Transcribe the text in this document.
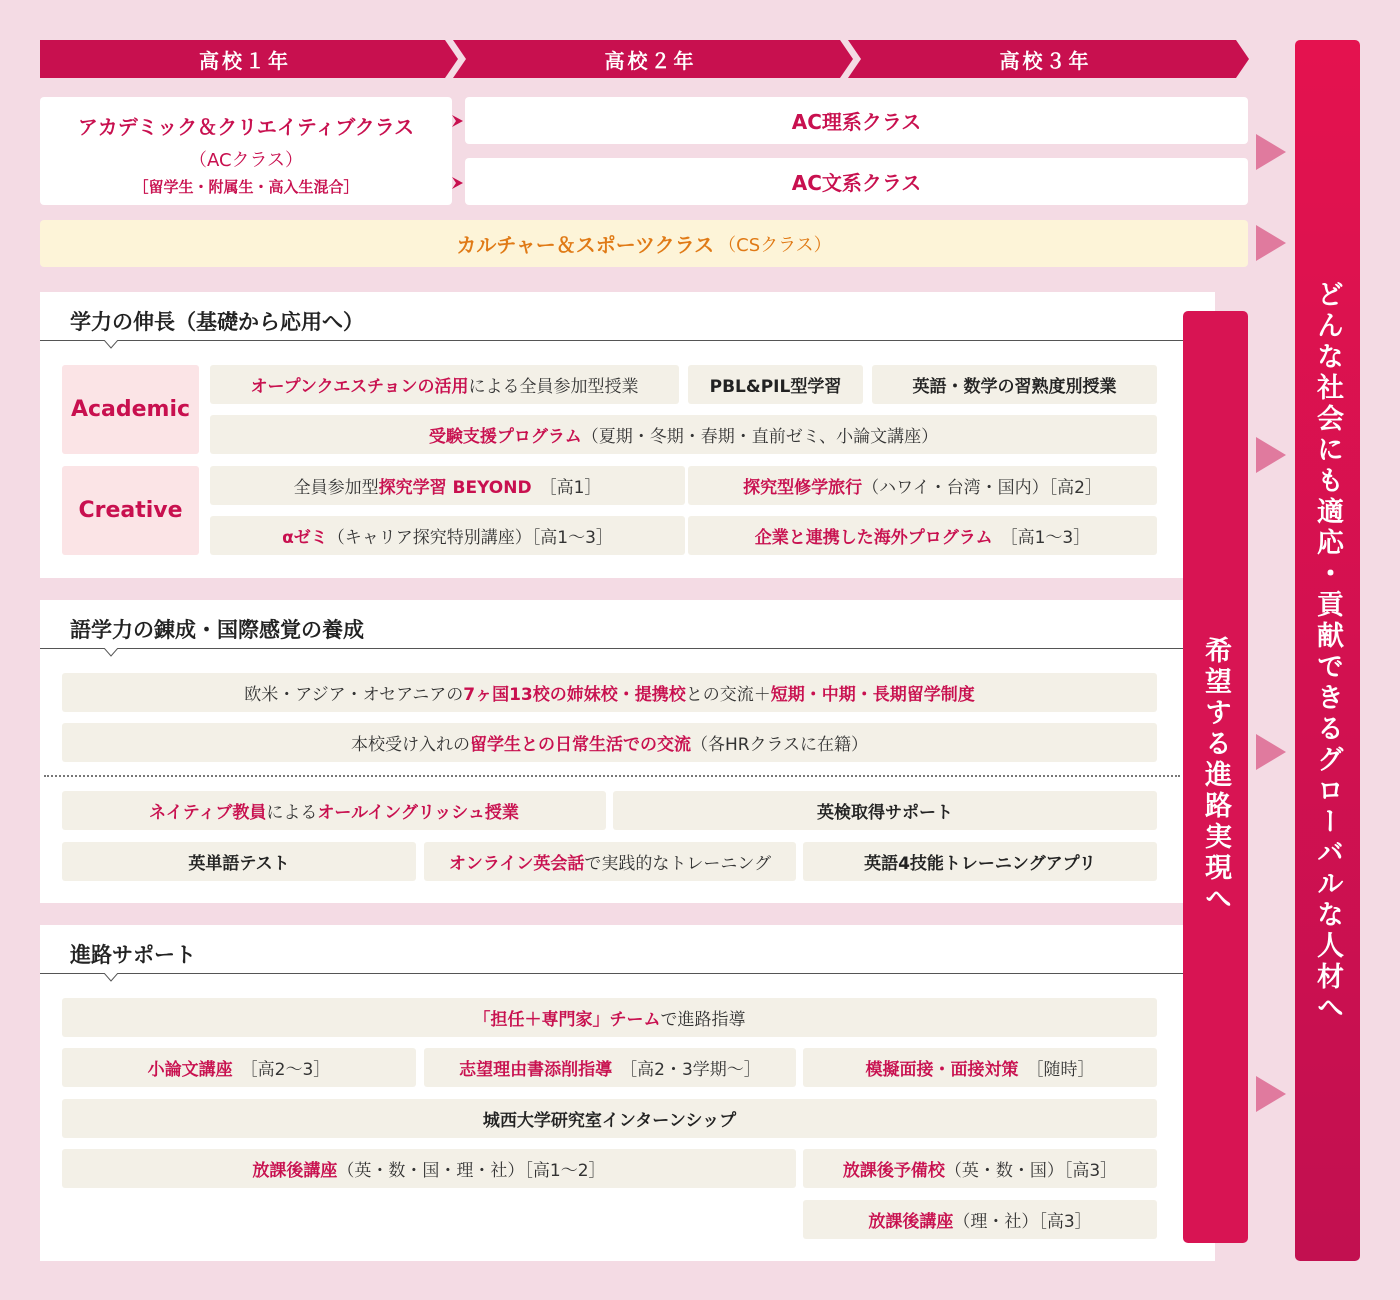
高校１年	高校２年	高校３年
アカデミック＆クリエイティブクラス
（ACクラス）
［留学生・附属生・高入生混合］
AC理系クラス
AC文系クラス
カルチャー＆スポーツクラス （CSクラス）
どんな社会にも適応・貢献できるグローバルな人材へ
学力の伸長（基礎から応用へ）
Academic
Creative
オープンクエスチョンの活用 による全員参加型授業	PBL&PIL型学習	英語・数学の習熟度別授業
受験支援プログラム （夏期・冬期・春期・直前ゼミ、小論文講座）
全員参加型 探究学習 BEYOND ［高1］	探究型修学旅行 （ハワイ・台湾・国内）［高2］
αゼミ （キャリア探究特別講座）［高1～3］	企業と連携した海外プログラム ［高1～3］
語学力の錬成・国際感覚の養成
欧米・アジア・オセアニアの 7ヶ国13校の姉妹校・提携校 との交流＋ 短期・中期・長期留学制度
本校受け入れの 留学生との日常生活での交流 （各HRクラスに在籍）
ネイティブ教員 による オールイングリッシュ授業	英検取得サポート
英単語テスト	オンライン英会話 で実践的なトレーニング	英語4技能トレーニングアプリ
進路サポート
「担任＋専門家」チーム で進路指導
小論文講座 ［高2～3］	志望理由書添削指導 ［高2・3学期～］	模擬面接・面接対策 ［随時］
城西大学研究室インターンシップ
放課後講座 （英・数・国・理・社）［高1～2］	放課後予備校 （英・数・国）［高3］
放課後講座 （理・社）［高3］
希望する進路実現へ
